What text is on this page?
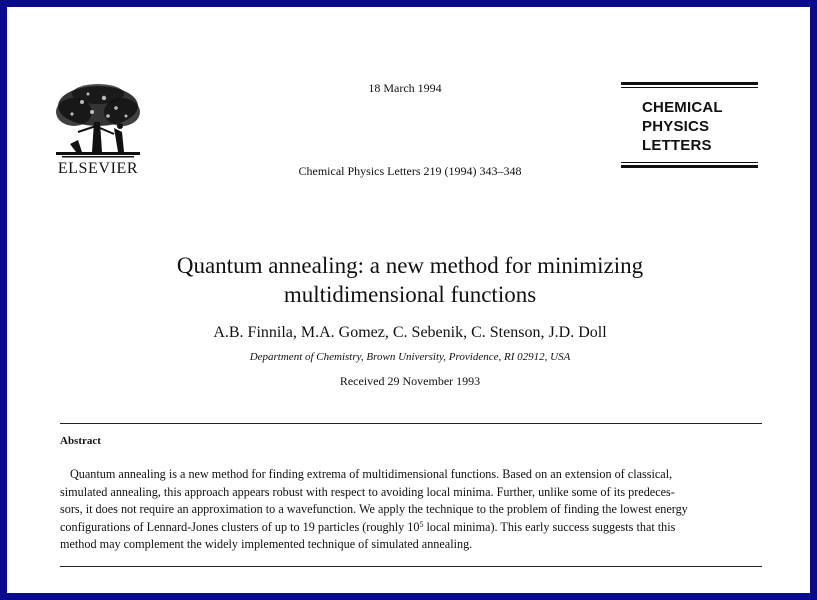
ELSEVIER
18 March 1994
Chemical Physics Letters 219 (1994) 343–348
CHEMICAL
PHYSICS
LETTERS
Quantum annealing: a new method for minimizing
multidimensional functions
A.B. Finnila, M.A. Gomez, C. Sebenik, C. Stenson, J.D. Doll
Department of Chemistry, Brown University, Providence, RI 02912, USA
Received 29 November 1993
Abstract
Quantum annealing is a new method for finding extrema of multidimensional functions. Based on an extension of classical,
simulated annealing, this approach appears robust with respect to avoiding local minima. Further, unlike some of its predeces-
sors, it does not require an approximation to a wavefunction. We apply the technique to the problem of finding the lowest energy
configurations of Lennard-Jones clusters of up to 19 particles (roughly $10^5$ local minima). This early success suggests that this
method may complement the widely implemented technique of simulated annealing.
